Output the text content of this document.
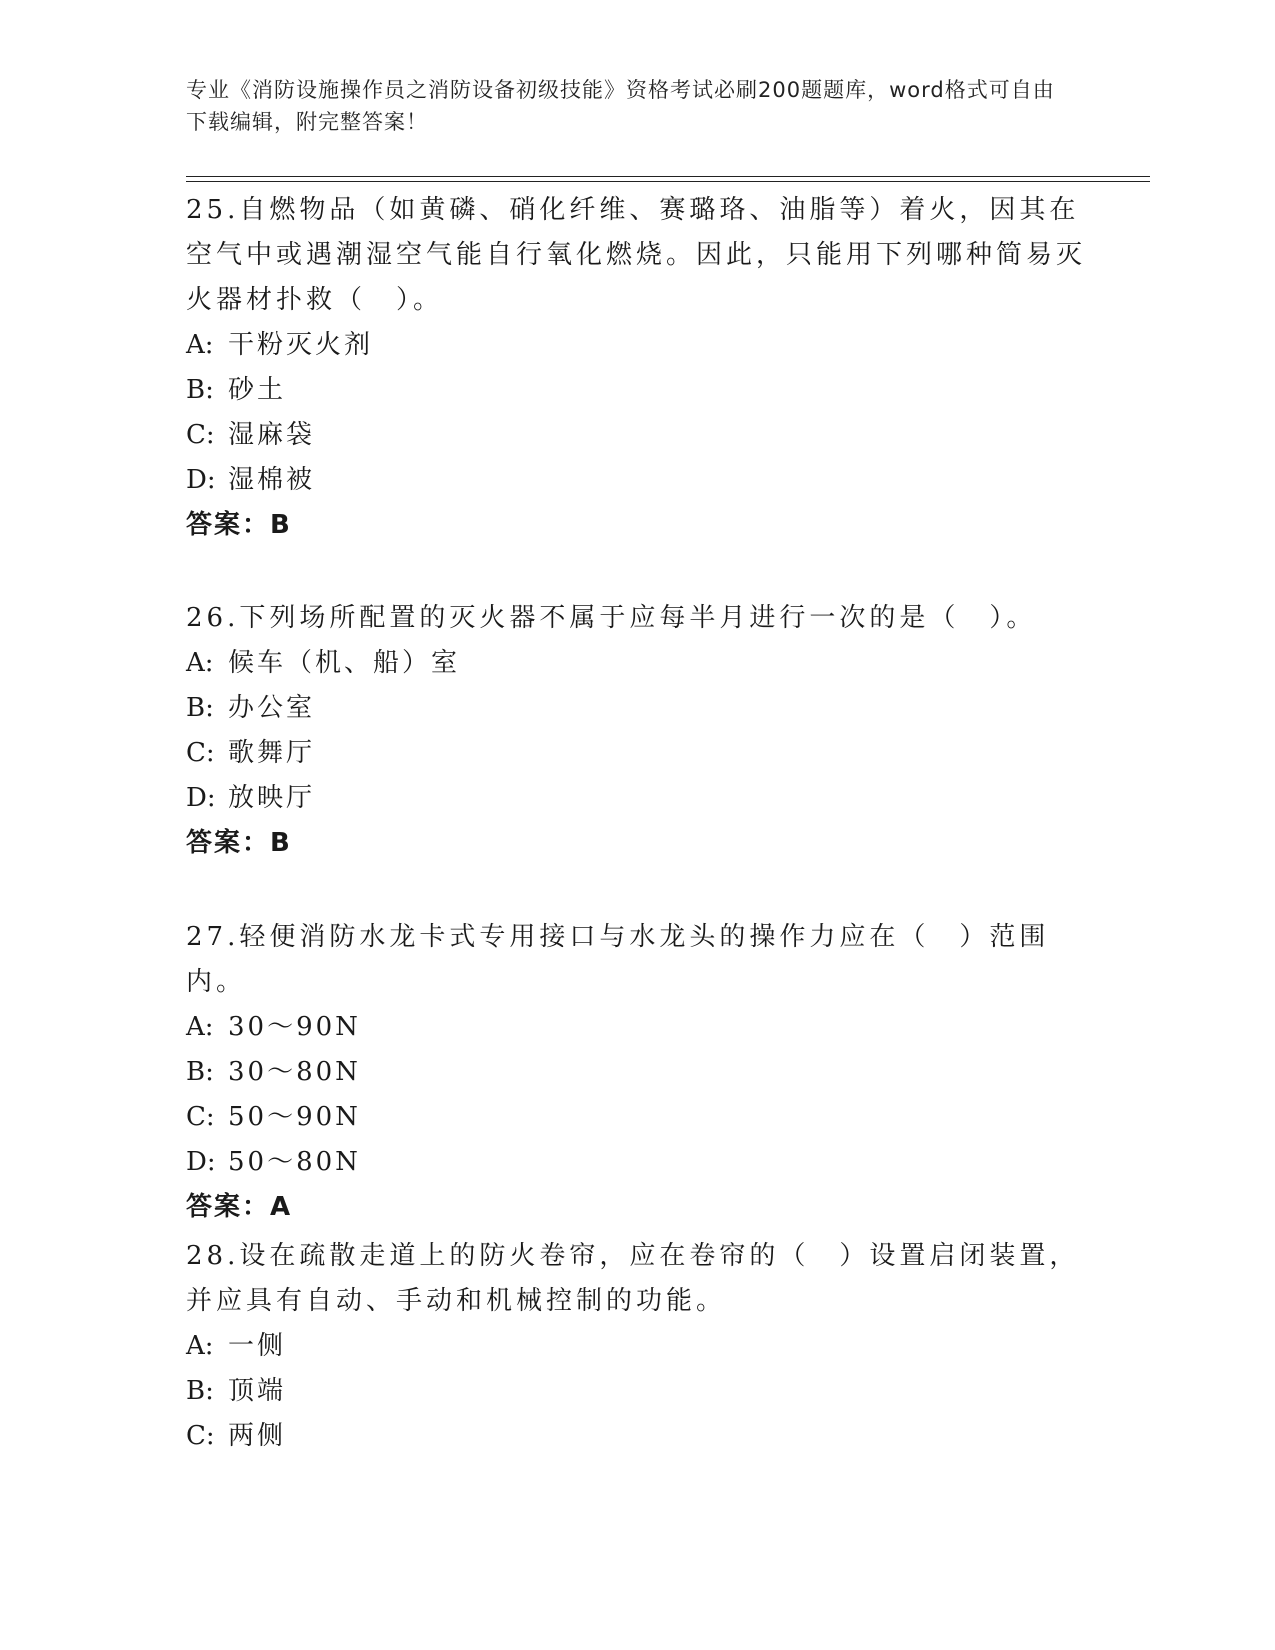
专业《消防设施操作员之消防设备初级技能》资格考试必刷200题题库，word格式可自由下载编辑，附完整答案！

25.自燃物品（如黄磷、硝化纤维、赛璐珞、油脂等）着火，因其在空气中或遇潮湿空气能自行氧化燃烧。因此，只能用下列哪种简易灭火器材扑救（　）。

A: 干粉灭火剂

B: 砂土

C: 湿麻袋

D: 湿棉被

答案：B

26.下列场所配置的灭火器不属于应每半月进行一次的是（　）。

A: 候车（机、船）室

B: 办公室

C: 歌舞厅

D: 放映厅

答案：B

27.轻便消防水龙卡式专用接口与水龙头的操作力应在（　）范围内。

A: 30～90N

B: 30～80N

C: 50～90N

D: 50～80N

答案：A

28.设在疏散走道上的防火卷帘，应在卷帘的（　）设置启闭装置，并应具有自动、手动和机械控制的功能。

A: 一侧

B: 顶端

C: 两侧
